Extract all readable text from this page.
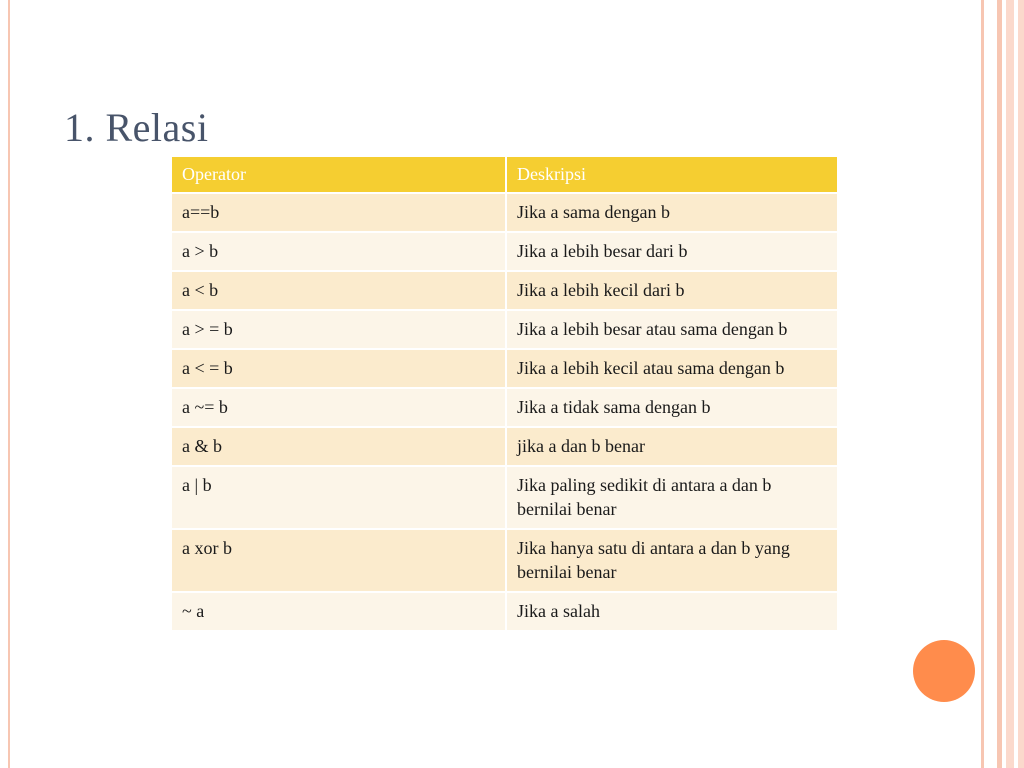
1. Relasi
Operator	Deskripsi
a==b	Jika a sama dengan b
a > b	Jika a lebih besar dari b
a < b	Jika a lebih kecil dari b
a > = b	Jika a lebih besar atau sama dengan b
a < = b	Jika a lebih kecil atau sama dengan b
a ~= b	Jika a tidak sama dengan b
a & b	jika a dan b benar
a | b	Jika paling sedikit di antara a dan b bernilai benar
a xor b	Jika hanya satu di antara a dan b yang bernilai benar
~ a	Jika a salah
